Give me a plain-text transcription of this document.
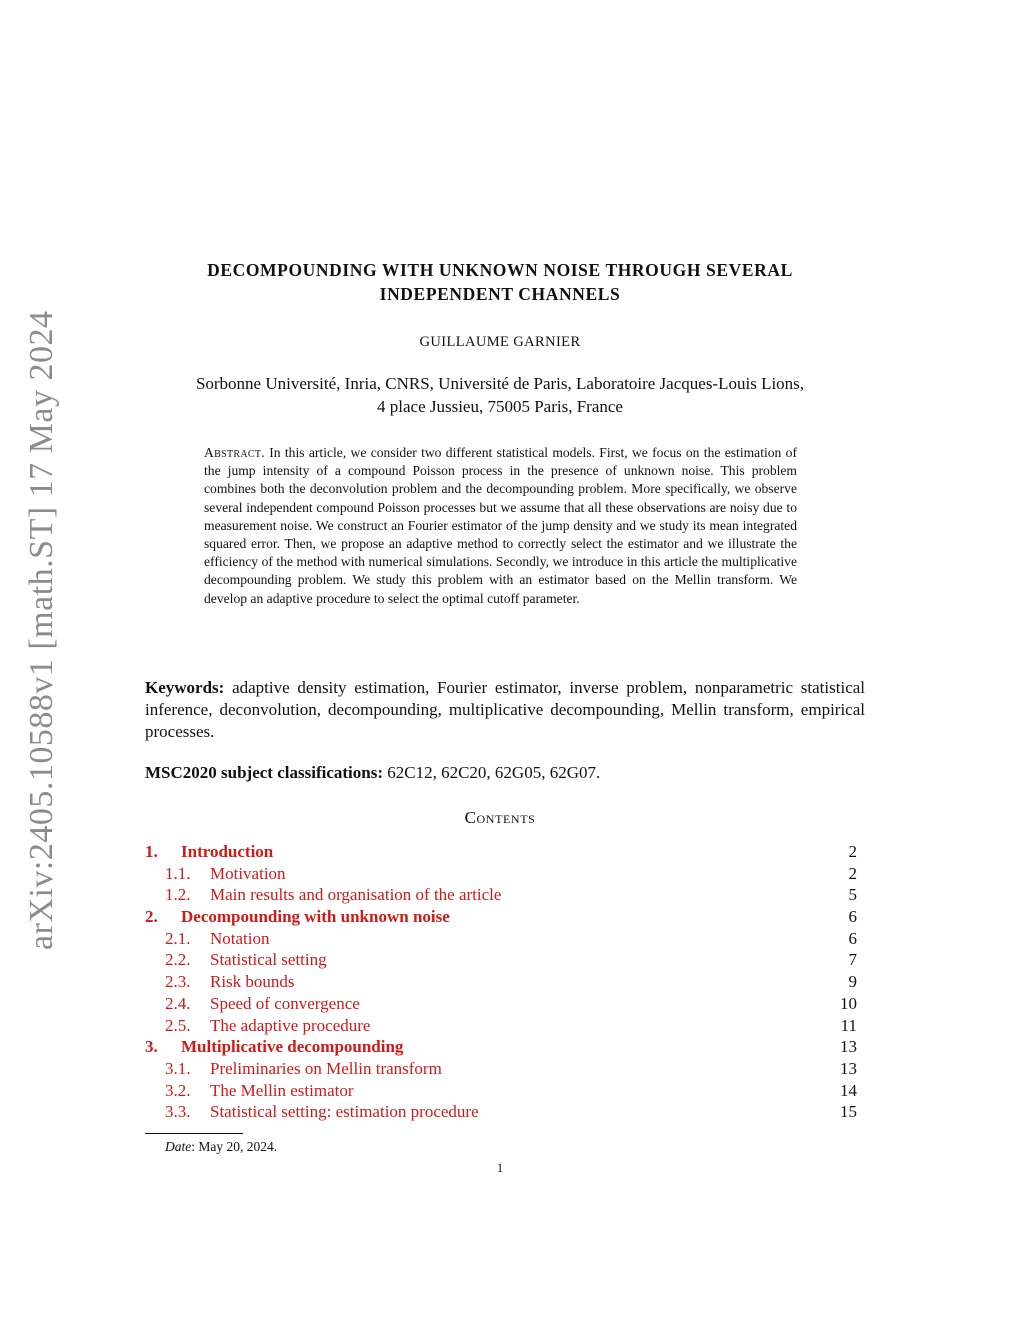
arXiv:2405.10588v1 [math.ST] 17 May 2024
DECOMPOUNDING WITH UNKNOWN NOISE THROUGH SEVERAL
INDEPENDENT CHANNELS
GUILLAUME GARNIER
Sorbonne Université, Inria, CNRS, Université de Paris, Laboratoire Jacques-Louis Lions,
4 place Jussieu, 75005 Paris, France
Abstract. In this article, we consider two different statistical models. First, we focus on the estimation of the jump intensity of a compound Poisson process in the presence of unknown noise. This problem combines both the deconvolution problem and the decompounding problem. More specifically, we observe several independent compound Poisson processes but we assume that all these observations are noisy due to measurement noise. We construct an Fourier estimator of the jump density and we study its mean integrated squared error. Then, we propose an adaptive method to correctly select the estimator and we illustrate the efficiency of the method with numerical simulations. Secondly, we introduce in this article the multiplicative decompounding problem. We study this problem with an estimator based on the Mellin transform. We develop an adaptive procedure to select the optimal cutoff parameter.
Keywords: adaptive density estimation, Fourier estimator, inverse problem, nonparametric statistical inference, deconvolution, decompounding, multiplicative decompounding, Mellin transform, empirical processes.
MSC2020 subject classifications: 62C12, 62C20, 62G05, 62G07.
Contents
1. Introduction	2
1.1. Motivation	2
1.2. Main results and organisation of the article	5
2. Decompounding with unknown noise	6
2.1. Notation	6
2.2. Statistical setting	7
2.3. Risk bounds	9
2.4. Speed of convergence	10
2.5. The adaptive procedure	11
3. Multiplicative decompounding	13
3.1. Preliminaries on Mellin transform	13
3.2. The Mellin estimator	14
3.3. Statistical setting: estimation procedure	15
Date: May 20, 2024.
1
